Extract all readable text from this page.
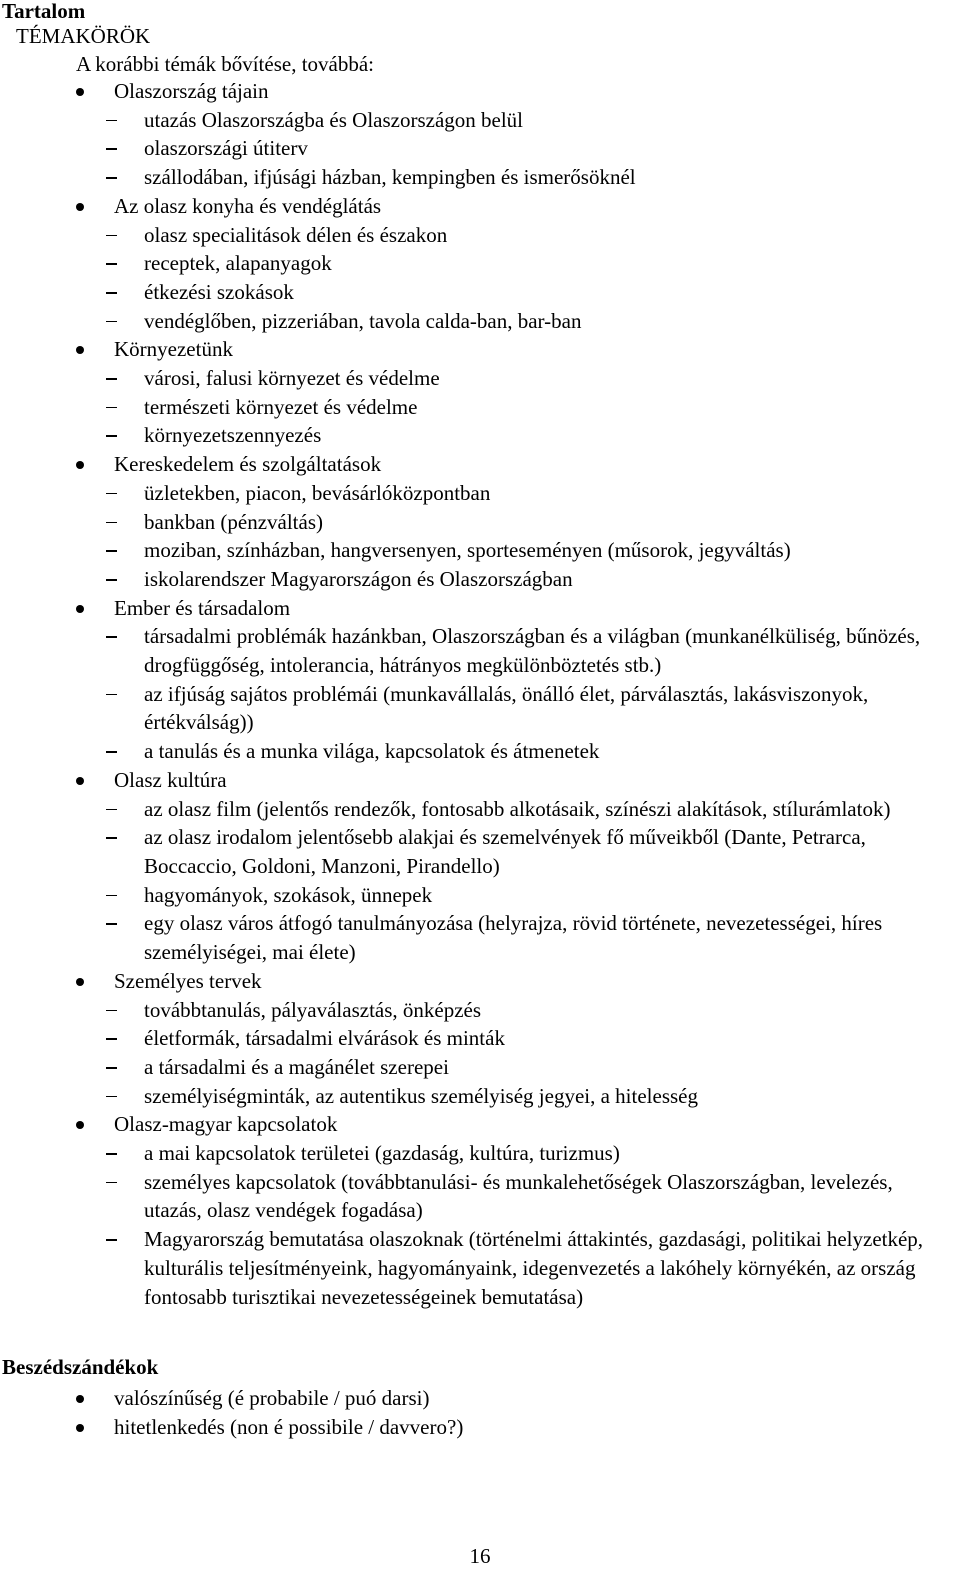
Tartalom
TÉMAKÖRÖK

A korábbi témák bővítése, továbbá:

Olaszország tájain
utazás Olaszországba és Olaszországon belül
olaszországi útiterv
szállodában, ifjúsági házban, kempingben és ismerősöknél
Az olasz konyha és vendéglátás
olasz specialitások délen és északon
receptek, alapanyagok
étkezési szokások
vendéglőben, pizzeriában, tavola calda-ban, bar-ban
Környezetünk
városi, falusi környezet és védelme
természeti környezet és védelme
környezetszennyezés
Kereskedelem és szolgáltatások
üzletekben, piacon, bevásárlóközpontban
bankban (pénzváltás)
moziban, színházban, hangversenyen, sporteseményen (műsorok, jegyváltás)
iskolarendszer Magyarországon és Olaszországban
Ember és társadalom
társadalmi problémák hazánkban, Olaszországban és a világban (munkanélküliség, bűnözés, drogfüggőség, intolerancia, hátrányos megkülönböztetés stb.)
az ifjúság sajátos problémái (munkavállalás, önálló élet, párválasztás, lakásviszonyok, értékválság))
a tanulás és a munka világa, kapcsolatok és átmenetek
Olasz kultúra
az olasz film (jelentős rendezők, fontosabb alkotásaik, színészi alakítások, stílurámlatok)
az olasz irodalom jelentősebb alakjai és szemelvények fő műveikből (Dante, Petrarca, Boccaccio, Goldoni, Manzoni, Pirandello)
hagyományok, szokások, ünnepek
egy olasz város átfogó tanulmányozása (helyrajza, rövid története, nevezetességei, híres személyiségei, mai élete)
Személyes tervek
továbbtanulás, pályaválasztás, önképzés
életformák, társadalmi elvárások és minták
a társadalmi és a magánélet szerepei
személyiségminták, az autentikus személyiség jegyei, a hitelesség
Olasz-magyar kapcsolatok
a mai kapcsolatok területei (gazdaság, kultúra, turizmus)
személyes kapcsolatok (továbbtanulási- és munkalehetőségek Olaszországban, levelezés, utazás, olasz vendégek fogadása)
Magyarország bemutatása olaszoknak (történelmi áttakintés, gazdasági, politikai helyzetkép, kulturális teljesítményeink, hagyományaink, idegenvezetés a lakóhely környékén, az ország fontosabb turisztikai nevezetességeinek bemutatása)
Beszédszándékok
valószínűség (é probabile / puó darsi)
hitetlenkedés (non é possibile / davvero?)

16
